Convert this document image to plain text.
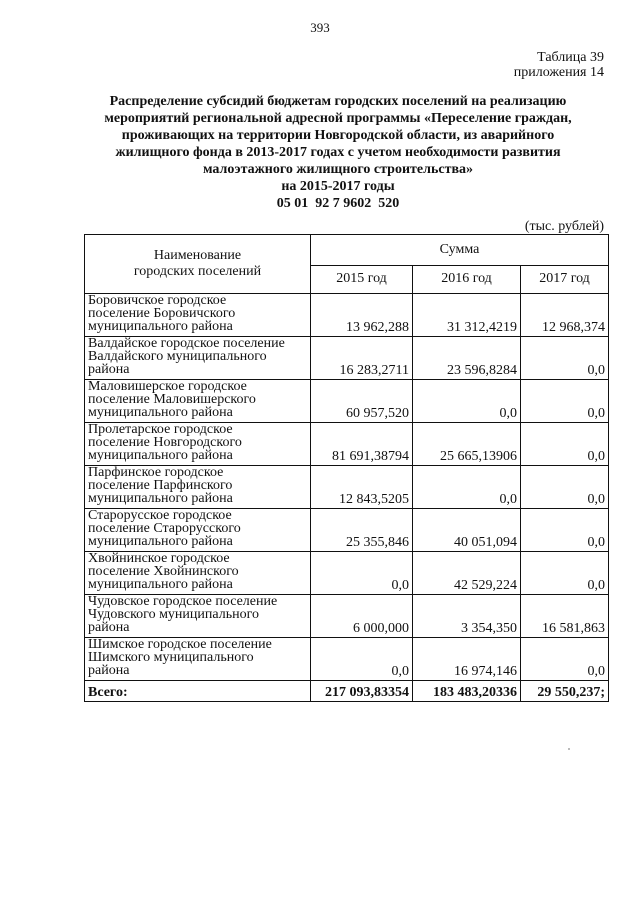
393
Таблица 39
приложения 14
Распределение субсидий бюджетам городских поселений на реализацию
мероприятий региональной адресной программы «Переселение граждан,
проживающих на территории Новгородской области, из аварийного
жилищного фонда в 2013-2017 годах с учетом необходимости развития
малоэтажного жилищного строительства»
на 2015-2017 годы
05 01  92 7 9602  520
(тыс. рублей)
Наименование
городских поселений	Сумма		
	2015 год	2016 год	2017 год

Боровичское городское
поселение Боровичского
муниципального района	13 962,288	31 312,4219	12 968,374

Валдайское городское поселение
Валдайского муниципального
района	16 283,2711	23 596,8284	0,0

Маловишерское городское
поселение Маловишерского
муниципального района	60 957,520	0,0	0,0

Пролетарское городское
поселение Новгородского
муниципального района	81 691,38794	25 665,13906	0,0

Парфинское городское
поселение Парфинского
муниципального района	12 843,5205	0,0	0,0

Старорусское городское
поселение Старорусского
муниципального района	25 355,846	40 051,094	0,0

Хвойнинское городское
поселение Хвойнинского
муниципального района	0,0	42 529,224	0,0

Чудовское городское поселение
Чудовского муниципального
района	6 000,000	3 354,350	16 581,863

Шимское городское поселение
Шимского муниципального
района	0,0	16 974,146	0,0
Всего:	217 093,83354	183 483,20336	29 550,237;
